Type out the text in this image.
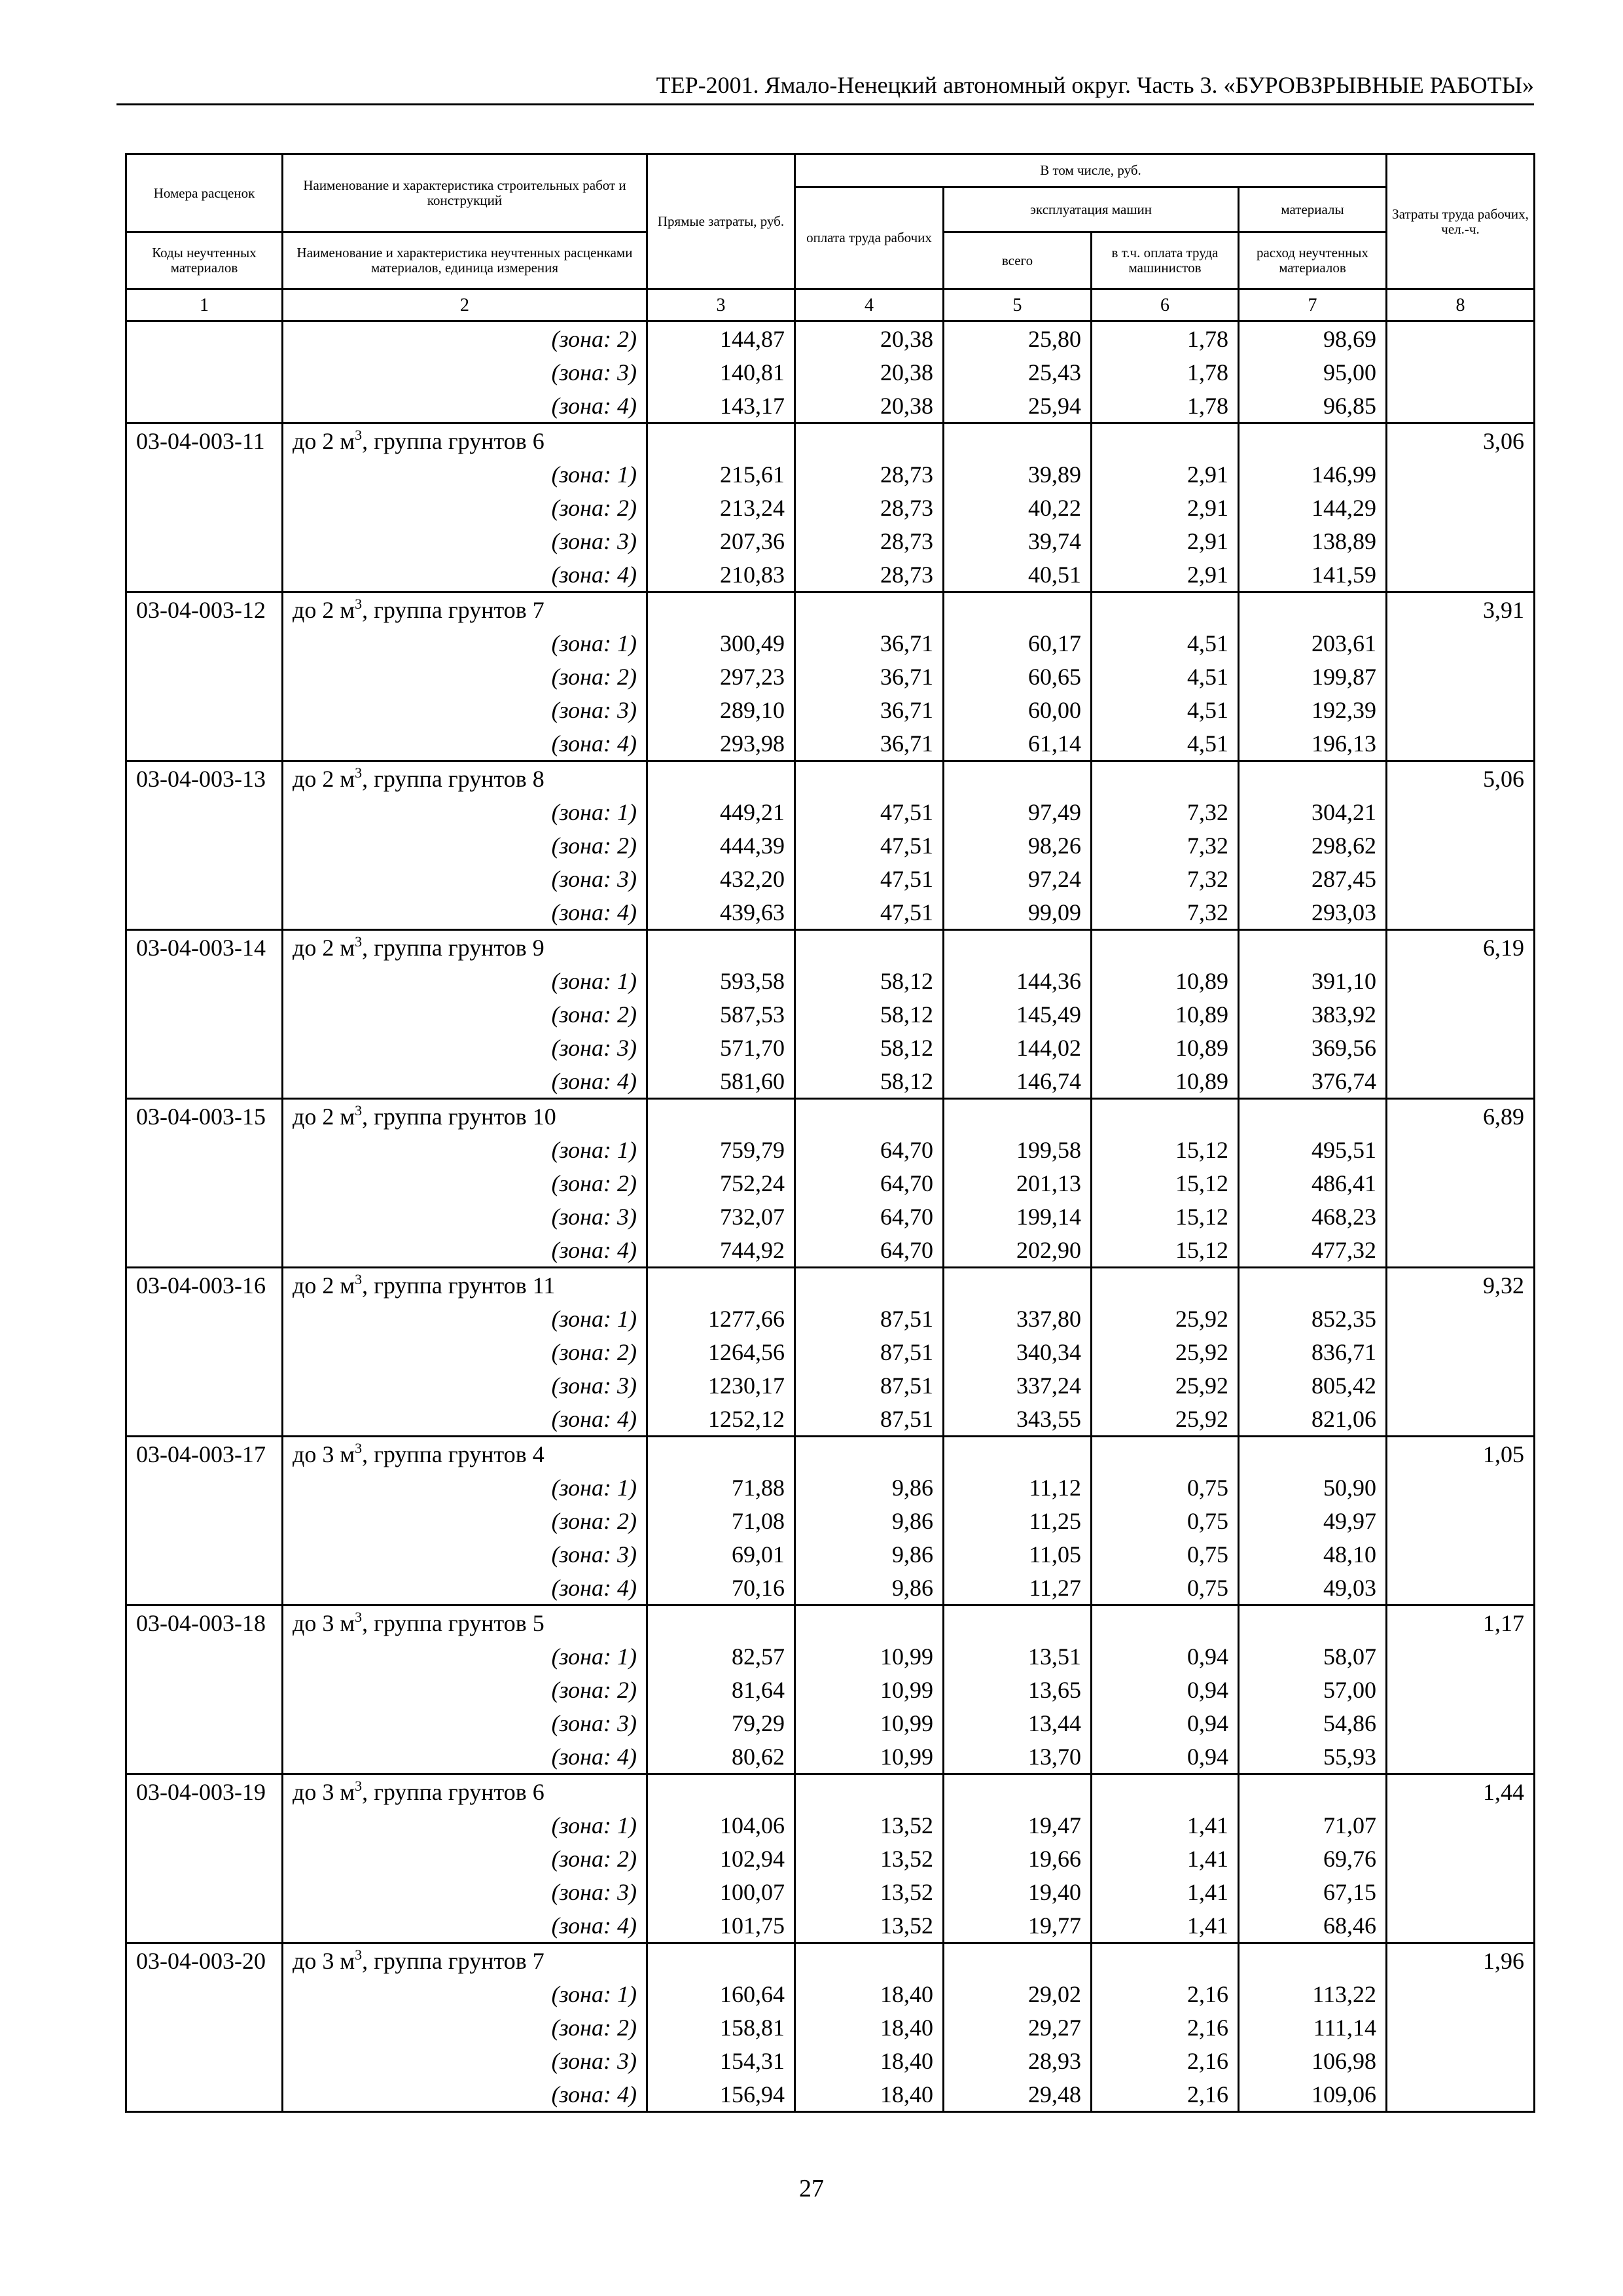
ТЕР-2001. Ямало-Ненецкий автономный округ. Часть 3. «БУРОВЗРЫВНЫЕ РАБОТЫ»
Номера расценок	Наименование и характеристика строительных работ и конструкций	Прямые затраты, руб.	В том числе, руб.				Затраты труда рабочих, чел.-ч.
			оплата труда рабочих	эксплуатация машин		материалы	
Коды неучтенных материалов	Наименование и характеристика неучтенных расценками материалов, единица измерения			всего	в т.ч. оплата труда машинистов	расход неучтенных материалов	
1	2	3	4	5	6	7	8
	(зона: 2)	144,87	20,38	25,80	1,78	98,69	
	(зона: 3)	140,81	20,38	25,43	1,78	95,00	
	(зона: 4)	143,17	20,38	25,94	1,78	96,85	
03-04-003-11	до 2 $м^3$, группа грунтов 6						3,06
	(зона: 1)	215,61	28,73	39,89	2,91	146,99	
	(зона: 2)	213,24	28,73	40,22	2,91	144,29	
	(зона: 3)	207,36	28,73	39,74	2,91	138,89	
	(зона: 4)	210,83	28,73	40,51	2,91	141,59	
03-04-003-12	до 2 $м^3$, группа грунтов 7						3,91
	(зона: 1)	300,49	36,71	60,17	4,51	203,61	
	(зона: 2)	297,23	36,71	60,65	4,51	199,87	
	(зона: 3)	289,10	36,71	60,00	4,51	192,39	
	(зона: 4)	293,98	36,71	61,14	4,51	196,13	
03-04-003-13	до 2 $м^3$, группа грунтов 8						5,06
	(зона: 1)	449,21	47,51	97,49	7,32	304,21	
	(зона: 2)	444,39	47,51	98,26	7,32	298,62	
	(зона: 3)	432,20	47,51	97,24	7,32	287,45	
	(зона: 4)	439,63	47,51	99,09	7,32	293,03	
03-04-003-14	до 2 $м^3$, группа грунтов 9						6,19
	(зона: 1)	593,58	58,12	144,36	10,89	391,10	
	(зона: 2)	587,53	58,12	145,49	10,89	383,92	
	(зона: 3)	571,70	58,12	144,02	10,89	369,56	
	(зона: 4)	581,60	58,12	146,74	10,89	376,74	
03-04-003-15	до 2 $м^3$, группа грунтов 10						6,89
	(зона: 1)	759,79	64,70	199,58	15,12	495,51	
	(зона: 2)	752,24	64,70	201,13	15,12	486,41	
	(зона: 3)	732,07	64,70	199,14	15,12	468,23	
	(зона: 4)	744,92	64,70	202,90	15,12	477,32	
03-04-003-16	до 2 $м^3$, группа грунтов 11						9,32
	(зона: 1)	1277,66	87,51	337,80	25,92	852,35	
	(зона: 2)	1264,56	87,51	340,34	25,92	836,71	
	(зона: 3)	1230,17	87,51	337,24	25,92	805,42	
	(зона: 4)	1252,12	87,51	343,55	25,92	821,06	
03-04-003-17	до 3 $м^3$, группа грунтов 4						1,05
	(зона: 1)	71,88	9,86	11,12	0,75	50,90	
	(зона: 2)	71,08	9,86	11,25	0,75	49,97	
	(зона: 3)	69,01	9,86	11,05	0,75	48,10	
	(зона: 4)	70,16	9,86	11,27	0,75	49,03	
03-04-003-18	до 3 $м^3$, группа грунтов 5						1,17
	(зона: 1)	82,57	10,99	13,51	0,94	58,07	
	(зона: 2)	81,64	10,99	13,65	0,94	57,00	
	(зона: 3)	79,29	10,99	13,44	0,94	54,86	
	(зона: 4)	80,62	10,99	13,70	0,94	55,93	
03-04-003-19	до 3 $м^3$, группа грунтов 6						1,44
	(зона: 1)	104,06	13,52	19,47	1,41	71,07	
	(зона: 2)	102,94	13,52	19,66	1,41	69,76	
	(зона: 3)	100,07	13,52	19,40	1,41	67,15	
	(зона: 4)	101,75	13,52	19,77	1,41	68,46	
03-04-003-20	до 3 $м^3$, группа грунтов 7						1,96
	(зона: 1)	160,64	18,40	29,02	2,16	113,22	
	(зона: 2)	158,81	18,40	29,27	2,16	111,14	
	(зона: 3)	154,31	18,40	28,93	2,16	106,98	
	(зона: 4)	156,94	18,40	29,48	2,16	109,06	
27
